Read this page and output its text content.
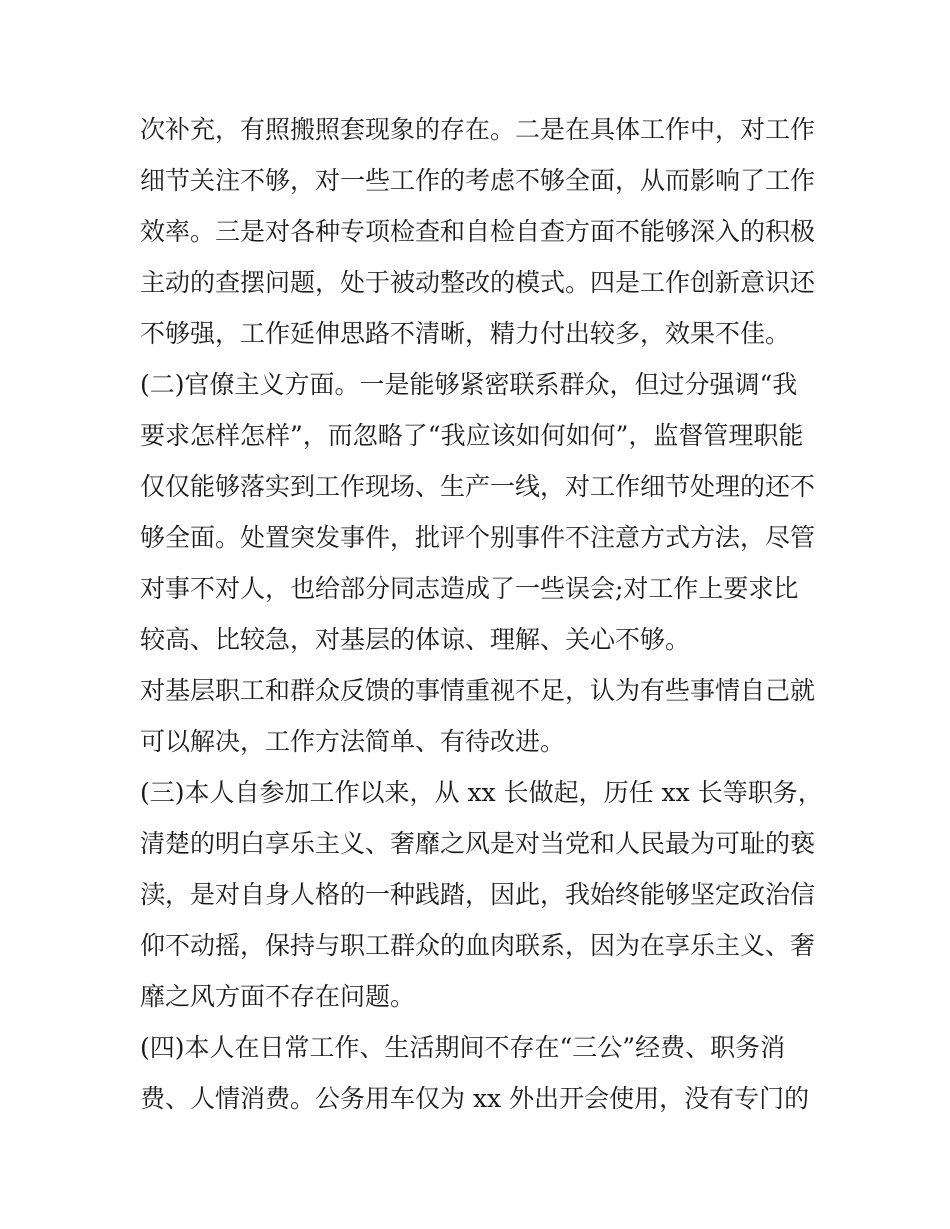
次补充，有照搬照套现象的存在。二是在具体工作中，对工作
细节关注不够，对一些工作的考虑不够全面，从而影响了工作
效率。三是对各种专项检查和自检自查方面不能够深入的积极
主动的查摆问题，处于被动整改的模式。四是工作创新意识还
不够强，工作延伸思路不清晰，精力付出较多，效果不佳。
(二)官僚主义方面。一是能够紧密联系群众，但过分强调“我
要求怎样怎样”，而忽略了“我应该如何如何”，监督管理职能
仅仅能够落实到工作现场、生产一线，对工作细节处理的还不
够全面。处置突发事件，批评个别事件不注意方式方法，尽管
对事不对人，也给部分同志造成了一些误会;对工作上要求比
较高、比较急，对基层的体谅、理解、关心不够。
对基层职工和群众反馈的事情重视不足，认为有些事情自己就
可以解决，工作方法简单、有待改进。
(三)本人自参加工作以来，从 xx 长做起，历任 xx 长等职务，
清楚的明白享乐主义、奢靡之风是对当党和人民最为可耻的亵
渎，是对自身人格的一种践踏，因此，我始终能够坚定政治信
仰不动摇，保持与职工群众的血肉联系，因为在享乐主义、奢
靡之风方面不存在问题。
(四)本人在日常工作、生活期间不存在“三公”经费、职务消
费、人情消费。公务用车仅为 xx 外出开会使用，没有专门的
